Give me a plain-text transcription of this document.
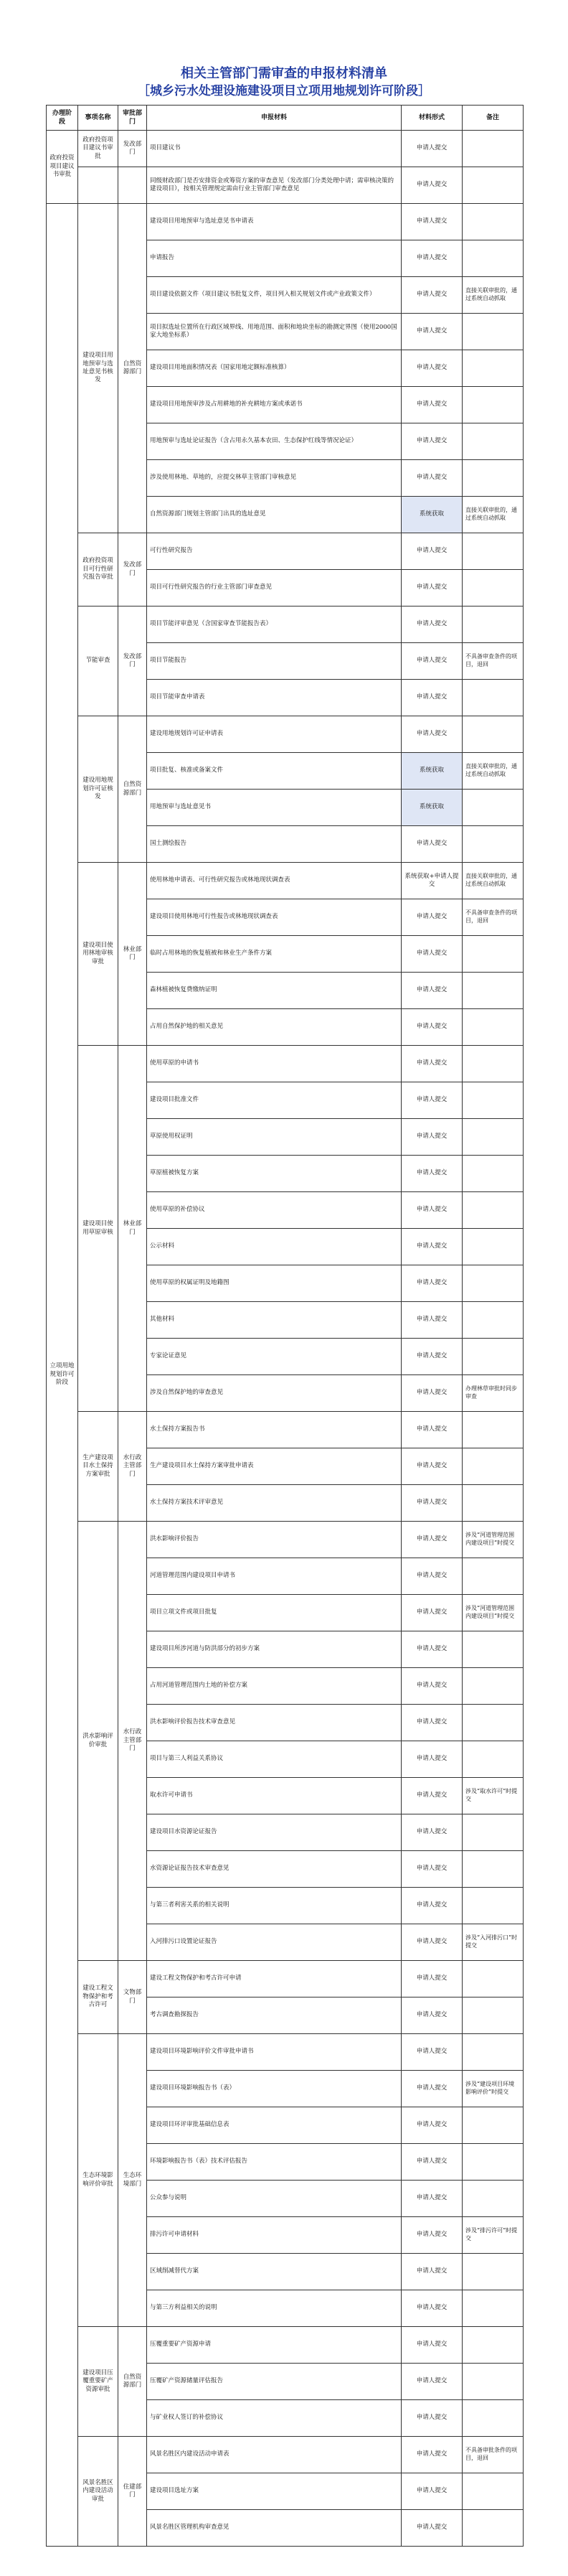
相关主管部门需审查的申报材料清单
［城乡污水处理设施建设项目立项用地规划许可阶段］
办理阶段	事项名称	审批部门	申报材料	材料形式	备注
政府投资项目建议书审批	政府投资项目建议书审批	发改部门	项目建议书	申请人提交	
			同级财政部门是否安排资金或筹资方案的审查意见（发改部门分类处理中请；需审核决策的建设项目），按相关管理规定需由行业主管部门审查意见	申请人提交	
立项用地规划许可阶段	建设项目用地预审与选址意见书核发	自然资源部门	建设项目用地预审与选址意见书申请表	申请人提交	
			申请报告	申请人提交	
			项目建设依据文件（项目建议书批复文件，项目列入相关规划文件或产业政策文件）	申请人提交	直接关联审批的，通过系统自动抓取
			项目拟选址位置所在行政区域界线、用地范围、面积和地块坐标的勘测定界图（使用2000国家大地坐标系）	申请人提交	
			建设项目用地面积情况表（国家用地定额标准核算）	申请人提交	
			建设项目用地预审涉及占用耕地的补充耕地方案或承诺书	申请人提交	
			用地预审与选址论证报告（含占用永久基本农田、生态保护红线等情况论证）	申请人提交	
			涉及使用林地、草地的，应提交林草主管部门审核意见	申请人提交	
			自然资源部门规划主管部门出具的选址意见	系统获取	直接关联审批的，通过系统自动抓取
	政府投资项目可行性研究报告审批	发改部门	可行性研究报告	申请人提交	
			项目可行性研究报告的行业主管部门审查意见	申请人提交	
	节能审查	发改部门	项目节能评审意见（含国家审查节能报告表）	申请人提交	
			项目节能报告	申请人提交	不具备审查条件的项目，退回
			项目节能审查申请表	申请人提交	
	建设用地规划许可证核发	自然资源部门	建设用地规划许可证申请表	申请人提交	
			项目批复、核准或备案文件	系统获取	直接关联审批的，通过系统自动抓取
			用地预审与选址意见书	系统获取	
			国土测绘报告	申请人提交	
	建设项目使用林地审核审批	林业部门	使用林地申请表、可行性研究报告或林地现状调查表	系统获取+申请人提交	直接关联审批的，通过系统自动抓取
			建设项目使用林地可行性报告或林地现状调查表	申请人提交	不具备审查条件的项目，退回
			临时占用林地的恢复植被和林业生产条件方案	申请人提交	
			森林植被恢复费缴纳证明	申请人提交	
			占用自然保护地的相关意见	申请人提交	
	建设项目使用草原审核	林业部门	使用草原的申请书	申请人提交	
			建设项目批准文件	申请人提交	
			草原使用权证明	申请人提交	
			草原植被恢复方案	申请人提交	
			使用草原的补偿协议	申请人提交	
			公示材料	申请人提交	
			使用草原的权属证明及地籍图	申请人提交	
			其他材料	申请人提交	
			专家论证意见	申请人提交	
			涉及自然保护地的审查意见	申请人提交	办理林草审批时同步审查
	生产建设项目水土保持方案审批	水行政主管部门	水土保持方案报告书	申请人提交	
			生产建设项目水土保持方案审批申请表	申请人提交	
			水土保持方案技术评审意见	申请人提交	
	洪水影响评价审批	水行政主管部门	洪水影响评价报告	申请人提交	涉及“河道管理范围内建设项目”时提交
			河道管理范围内建设项目申请书	申请人提交	
			项目立项文件或项目批复	申请人提交	涉及“河道管理范围内建设项目”时提交
			建设项目所涉河道与防洪部分的初步方案	申请人提交	
			占用河道管理范围内土地的补偿方案	申请人提交	
			洪水影响评价报告技术审查意见	申请人提交	
			项目与第三人利益关系协议	申请人提交	
			取水许可申请书	申请人提交	涉及“取水许可”时提交
			建设项目水资源论证报告	申请人提交	
			水资源论证报告技术审查意见	申请人提交	
			与第三者利害关系的相关说明	申请人提交	
			入河排污口设置论证报告	申请人提交	涉及“入河排污口”时提交
	建设工程文物保护和考古许可	文物部门	建设工程文物保护和考古许可申请	申请人提交	
			考古调查勘探报告	申请人提交	
	生态环境影响评价审批	生态环境部门	建设项目环境影响评价文件审批申请书	申请人提交	
			建设项目环境影响报告书（表）	申请人提交	涉及“建设项目环境影响评价”时提交
			建设项目环评审批基础信息表	申请人提交	
			环境影响报告书（表）技术评估报告	申请人提交	
			公众参与说明	申请人提交	
			排污许可申请材料	申请人提交	涉及“排污许可”时提交
			区域削减替代方案	申请人提交	
			与第三方利益相关的说明	申请人提交	
	建设项目压覆重要矿产资源审批	自然资源部门	压覆重要矿产资源申请	申请人提交	
			压覆矿产资源储量评估报告	申请人提交	
			与矿业权人签订的补偿协议	申请人提交	
	风景名胜区内建设活动审批	住建部门	风景名胜区内建设活动申请表	申请人提交	不具备审批条件的项目，退回
			建设项目选址方案	申请人提交	
			风景名胜区管理机构审查意见	申请人提交	
